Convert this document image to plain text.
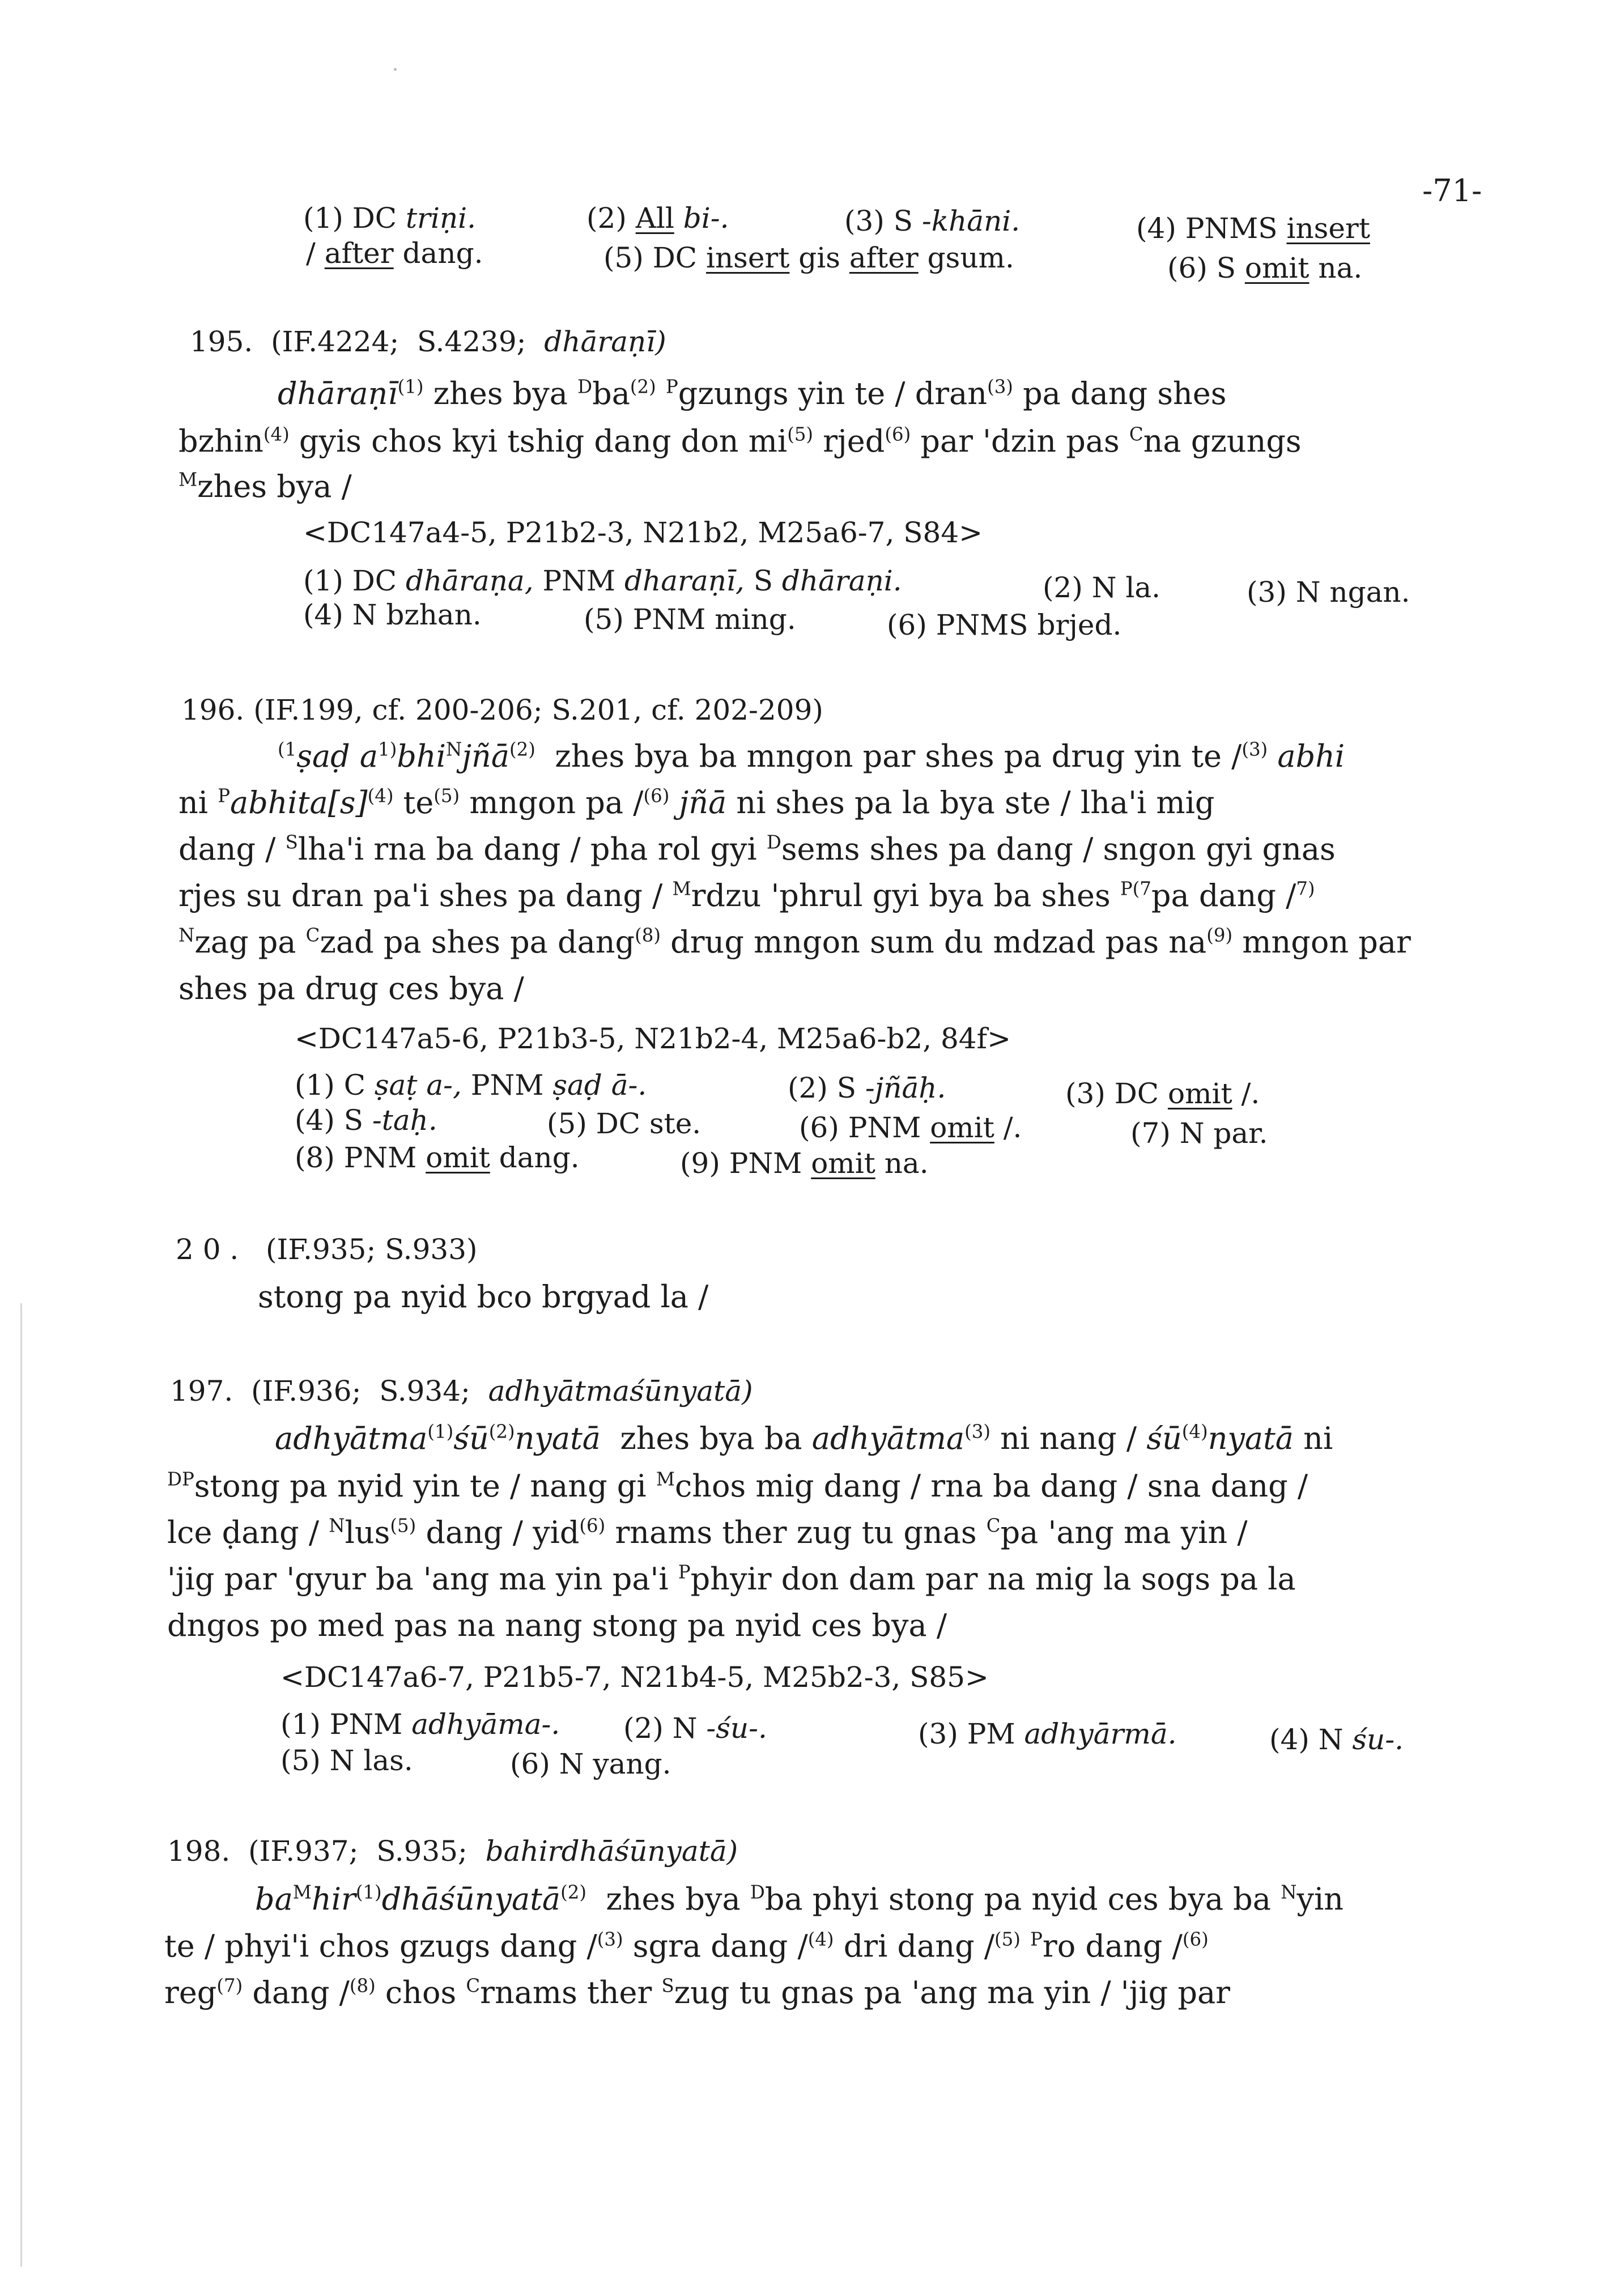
-71-
(1) DC triṇi.	(2) All bi-.	(3) S -khāni.	(4) PNMS insert
/ after dang.	(5) DC insert gis after gsum.	(6) S omit na.
195.  (IF.4224;  S.4239;  dhāraṇī)
dhāraṇī$^{(1)}$ zhes bya $^Dba^{(2)}$ $^P$gzungs yin te / dran$^{(3)}$ pa dang shes
bzhin$^{(4)}$ gyis chos kyi tshig dang don $mi^{(5)}$ rjed$^{(6)}$ par 'dzin pas $^C$na gzungs
$^M$zhes bya /
<DC147a4-5, P21b2-3, N21b2, M25a6-7, S84>
(1) DC dhāraṇa, PNM dharaṇī, S dhāraṇi.	(2) N la.	(3) N ngan.
(4) N bzhan.	(5) PNM ming.	(6) PNMS brjed.
196. (IF.199, cf. 200-206; S.201, cf. 202-209)
$^{(1}$ṣaḍ $a^{1)}bhi^Njñā^{(2)}$  zhes bya ba mngon par shes pa drug yin te /$^{(3)}$ abhi
ni $^Pabhita[s]^{(4)}$ $te^{(5)}$ mngon pa /$^{(6)}$ jñā ni shes pa la bya ste / lha'i mig
dang / $^S$lha'i rna ba dang / pha rol gyi $^D$sems shes pa dang / sngon gyi gnas
rjes su dran pa'i shes pa dang / $^M$rdzu 'phrul gyi bya ba shes $^{P(7}$pa dang /$^{7)}$
$^N$zag pa $^C$zad pa shes pa dang$^{(8)}$ drug mngon sum du mdzad pas $na^{(9)}$ mngon par
shes pa drug ces bya /
<DC147a5-6, P21b3-5, N21b2-4, M25a6-b2, 84f>
(1) C ṣaṭ a-, PNM ṣaḍ ā-.	(2) S -jñāḥ.	(3) DC omit /.
(4) S -taḥ.	(5) DC ste.	(6) PNM omit /.	(7) N par.
(8) PNM omit dang.	(9) PNM omit na.
2 0 .   (IF.935; S.933)
stong pa nyid bco brgyad la /
197.  (IF.936;  S.934;  adhyātmaśūnyatā)
$adhyātma^{(1)}śū^{(2)}nyatā$  zhes bya ba adhyātma$^{(3)}$ ni nang / $śū^{(4)}nyatā$ ni
$^{DP}$stong pa nyid yin te / nang gi $^M$chos mig dang / rna ba dang / sna dang /
lce ḍang / $^N$lus$^{(5)}$ dang / yid$^{(6)}$ rnams ther zug tu gnas $^C$pa 'ang ma yin /
'jig par 'gyur ba 'ang ma yin pa'i $^P$phyir don dam par na mig la sogs pa la
dngos po med pas na nang stong pa nyid ces bya /
<DC147a6-7, P21b5-7, N21b4-5, M25b2-3, S85>
(1) PNM adhyāma-. (2) N -śu-.	(3) PM adhyārmā.	(4) N śu-.
(5) N las.	(6) N yang.
198.  (IF.937;  S.935;  bahirdhāśūnyatā)
$ba^Mhir^{(1)}dhāśūnyatā^{(2)}$  zhes bya $^D$ba phyi stong pa nyid ces bya ba $^N$yin
te / phyi'i chos gzugs dang /$^{(3)}$ sgra dang /$^{(4)}$ dri dang /$^{(5)}$ $^P$ro dang /$^{(6)}$
reg$^{(7)}$ dang /$^{(8)}$ chos $^C$rnams ther $^S$zug tu gnas pa 'ang ma yin / 'jig par
